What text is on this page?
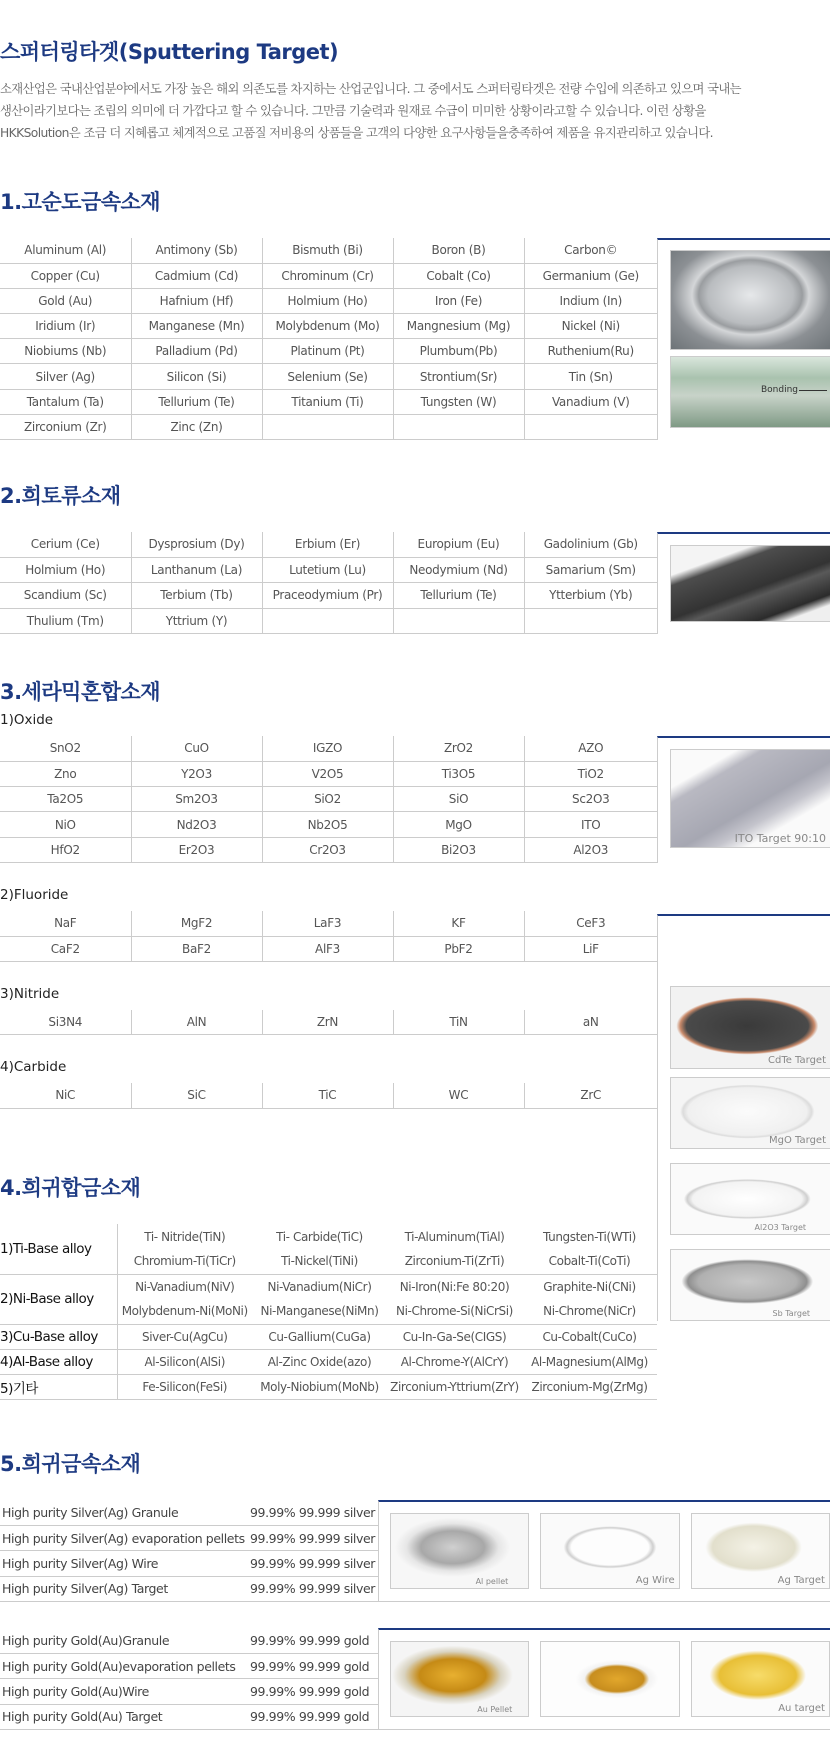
스퍼터링타겟(Sputtering Target)
소재산업은 국내산업분야에서도 가장 높은 해외 의존도를 차지하는 산업군입니다. 그 중에서도 스퍼터링타겟은 전량 수입에 의존하고 있으며 국내는
생산이라기보다는 조립의 의미에 더 가깝다고 할 수 있습니다. 그만큼 기술력과 원재료 수급이 미미한 상황이라고할 수 있습니다. 이런 상황을
HKKSolution은 조금 더 지혜롭고 체계적으로 고품질 저비용의 상품들을 고객의 다양한 요구사항들을충족하여 제품을 유지관리하고 있습니다.
1.고순도금속소재
Aluminum (Al)	Antimony (Sb)	Bismuth (Bi)	Boron (B)	Carbon©
Copper (Cu)	Cadmium (Cd)	Chrominum (Cr)	Cobalt (Co)	Germanium (Ge)
Gold (Au)	Hafnium (Hf)	Holmium (Ho)	Iron (Fe)	Indium (In)
Iridium (Ir)	Manganese (Mn)	Molybdenum (Mo)	Mangnesium (Mg)	Nickel (Ni)
Niobiums (Nb)	Palladium (Pd)	Platinum (Pt)	Plumbum(Pb)	Ruthenium(Ru)
Silver (Ag)	Silicon (Si)	Selenium (Se)	Strontium(Sr)	Tin (Sn)
Tantalum (Ta)	Tellurium (Te)	Titanium (Ti)	Tungsten (W)	Vanadium (V)
Zirconium (Zr)	Zinc (Zn)			
Bonding
2.희토류소재
Cerium (Ce)	Dysprosium (Dy)	Erbium (Er)	Europium (Eu)	Gadolinium (Gb)
Holmium (Ho)	Lanthanum (La)	Lutetium (Lu)	Neodymium (Nd)	Samarium (Sm)
Scandium (Sc)	Terbium (Tb)	Praceodymium (Pr)	Tellurium (Te)	Ytterbium (Yb)
Thulium (Tm)	Yttrium (Y)			
3.세라믹혼합소재
1)Oxide
SnO2	CuO	IGZO	ZrO2	AZO
Zno	Y2O3	V2O5	Ti3O5	TiO2
Ta2O5	Sm2O3	SiO2	SiO	Sc2O3
NiO	Nd2O3	Nb2O5	MgO	ITO
HfO2	Er2O3	Cr2O3	Bi2O3	Al2O3
ITO Target 90:10
2)Fluoride
NaF	MgF2	LaF3	KF	CeF3
CaF2	BaF2	AlF3	PbF2	LiF
3)Nitride
Si3N4	AlN	ZrN	TiN	aN
4)Carbide
NiC	SiC	TiC	WC	ZrC
CdTe Target
MgO Target
Al2O3 Target
Sb Target
4.희귀합금소재
1)Ti-Base alloy	Ti- Nitride(TiN)	Ti- Carbide(TiC)	Ti-Aluminum(TiAl)	Tungsten-Ti(WTi)
	Chromium-Ti(TiCr)	Ti-Nickel(TiNi)	Zirconium-Ti(ZrTi)	Cobalt-Ti(CoTi)
2)Ni-Base alloy	Ni-Vanadium(NiV)	Ni-Vanadium(NiCr)	Ni-Iron(Ni:Fe 80:20)	Graphite-Ni(CNi)
	Molybdenum-Ni(MoNi)	Ni-Manganese(NiMn)	Ni-Chrome-Si(NiCrSi)	Ni-Chrome(NiCr)
3)Cu-Base alloy	Siver-Cu(AgCu)	Cu-Gallium(CuGa)	Cu-In-Ga-Se(CIGS)	Cu-Cobalt(CuCo)
4)Al-Base alloy	Al-Silicon(AlSi)	Al-Zinc Oxide(azo)	Al-Chrome-Y(AlCrY)	Al-Magnesium(AlMg)
5)기타	Fe-Silicon(FeSi)	Moly-Niobium(MoNb)	Zirconium-Yttrium(ZrY)	Zirconium-Mg(ZrMg)
5.희귀금속소재
High purity Silver(Ag) Granule	99.99% 99.999 silver
High purity Silver(Ag) evaporation pellets	99.99% 99.999 silver
High purity Silver(Ag) Wire	99.99% 99.999 silver
High purity Silver(Ag) Target	99.99% 99.999 silver	Al pellet	Ag Wire	Ag Target
High purity Gold(Au)Granule	99.99% 99.999 gold
High purity Gold(Au)evaporation pellets	99.99% 99.999 gold
High purity Gold(Au)Wire	99.99% 99.999 gold
High purity Gold(Au) Target	99.99% 99.999 gold	Au Pellet	Au target
